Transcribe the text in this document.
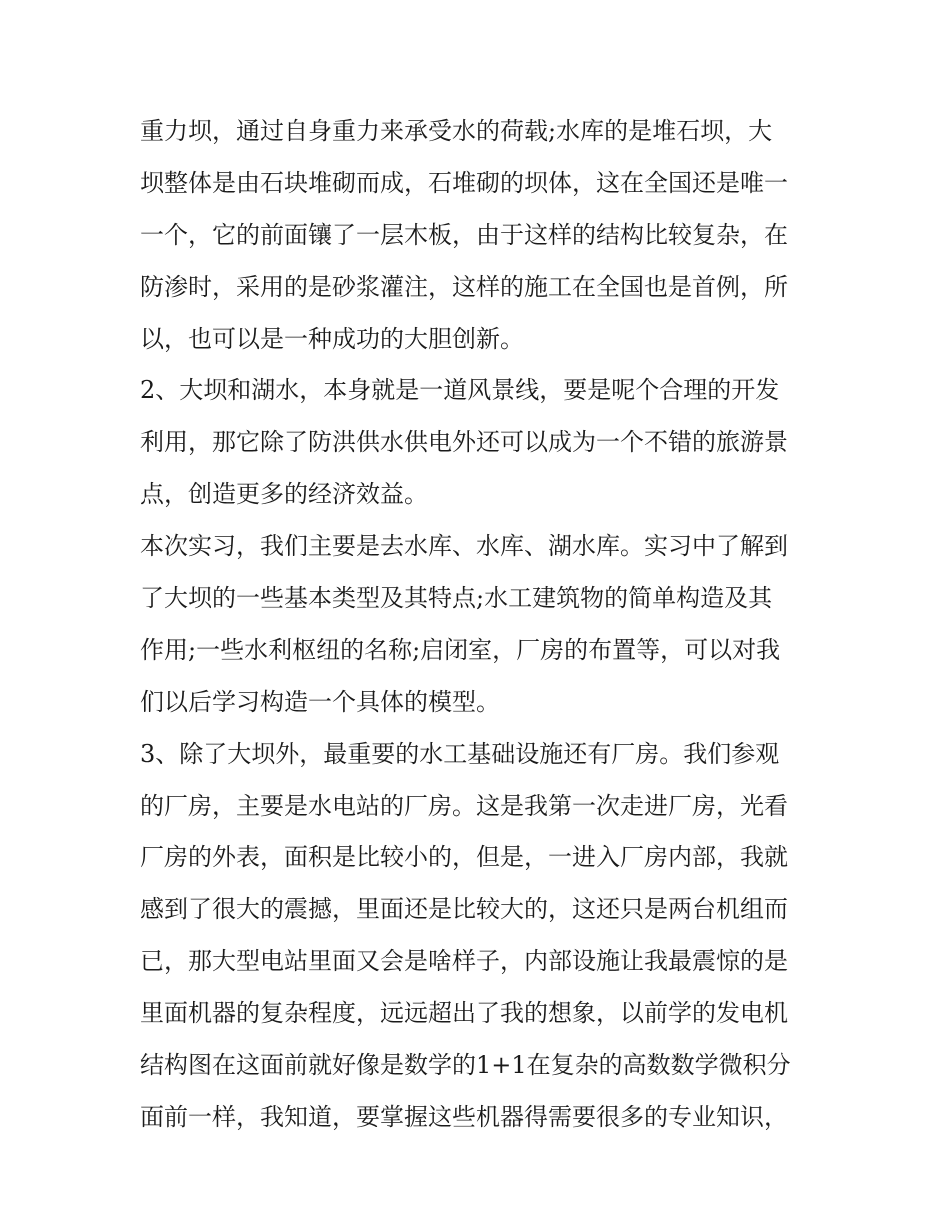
重力坝，通过自身重力来承受水的荷载;水库的是堆石坝，大
坝整体是由石块堆砌而成，石堆砌的坝体，这在全国还是唯一
一个，它的前面镶了一层木板，由于这样的结构比较复杂，在
防渗时，采用的是砂浆灌注，这样的施工在全国也是首例，所
以，也可以是一种成功的大胆创新。
2、大坝和湖水，本身就是一道风景线，要是呢个合理的开发
利用，那它除了防洪供水供电外还可以成为一个不错的旅游景
点，创造更多的经济效益。
本次实习，我们主要是去水库、水库、湖水库。实习中了解到
了大坝的一些基本类型及其特点;水工建筑物的简单构造及其
作用;一些水利枢纽的名称;启闭室，厂房的布置等，可以对我
们以后学习构造一个具体的模型。
3、除了大坝外，最重要的水工基础设施还有厂房。我们参观
的厂房，主要是水电站的厂房。这是我第一次走进厂房，光看
厂房的外表，面积是比较小的，但是，一进入厂房内部，我就
感到了很大的震撼，里面还是比较大的，这还只是两台机组而
已，那大型电站里面又会是啥样子，内部设施让我最震惊的是
里面机器的复杂程度，远远超出了我的想象，以前学的发电机
结构图在这面前就好像是数学的1+1在复杂的高数数学微积分
面前一样，我知道，要掌握这些机器得需要很多的专业知识，
